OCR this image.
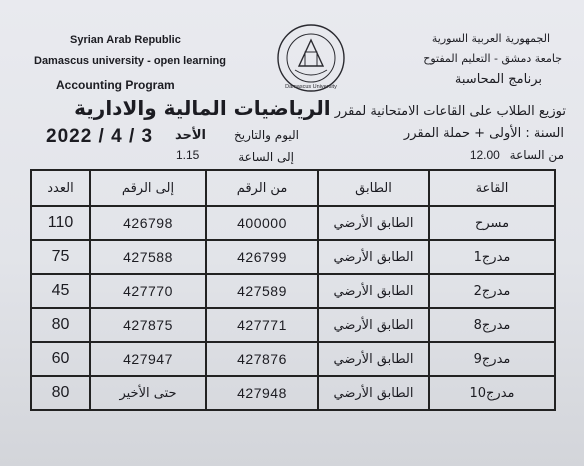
Syrian Arab Republic
Damascus university - open learning
Accounting Program
الجمهورية العربية السورية
جامعة دمشق - التعليم المفتوح
برنامج المحاسبة
Damascus University
توزيع الطلاب على القاعات الامتحانية لمقرر الرياضيات المالية والادارية
السنة : الأولى + حملة المقرر
اليوم والتاريخ
الأحد
2022 / 4 / 3
من الساعة 12.00
إلى الساعة
1.15
القاعة	الطابق	من الرقم	إلى الرقم	العدد
مسرح	الطابق الأرضي	400000	426798	110
مدرج1	الطابق الأرضي	426799	427588	75
مدرج2	الطابق الأرضي	427589	427770	45
مدرج8	الطابق الأرضي	427771	427875	80
مدرج9	الطابق الأرضي	427876	427947	60
مدرج10	الطابق الأرضي	427948	حتى الأخير	80
